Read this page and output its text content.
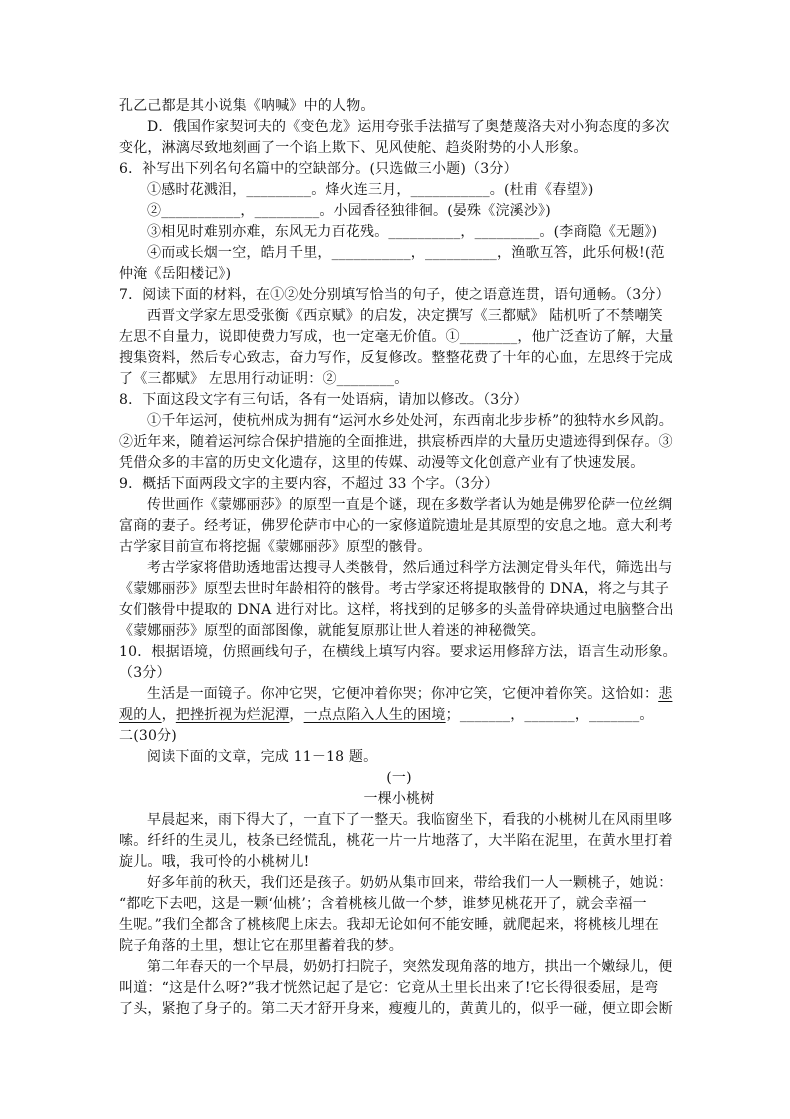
孔乙己都是其小说集《呐喊》中的人物。
D．俄国作家契诃夫的《变色龙》运用夸张手法描写了奥楚蔑洛夫对小狗态度的多次
变化，淋漓尽致地刻画了一个谄上欺下、见风使舵、趋炎附势的小人形象。
6．补写出下列名句名篇中的空缺部分。(只选做三小题)（3分）
①感时花溅泪，_________。烽火连三月，___________。(杜甫《春望》)
②___________，_________。小园香径独徘徊。(晏殊《浣溪沙》)
③相见时难别亦难，东风无力百花残。__________，_________。(李商隐《无题》)
④而或长烟一空，皓月千里，___________，__________，渔歌互答，此乐何极!(范
仲淹《岳阳楼记》)
7．阅读下面的材料，在①②处分别填写恰当的句子，使之语意连贯，语句通畅。（3分）
西晋文学家左思受张衡《西京赋》的启发，决定撰写《三都赋》 陆机听了不禁嘲笑
左思不自量力，说即使费力写成，也一定毫无价值。①________，他广泛查访了解，大量
搜集资料，然后专心致志，奋力写作，反复修改。整整花费了十年的心血，左思终于完成
了《三都赋》 左思用行动证明：②________。
8．下面这段文字有三句话，各有一处语病，请加以修改。（3分）
①千年运河，使杭州成为拥有“运河水乡处处河，东西南北步步桥”的独特水乡风韵。
②近年来，随着运河综合保护措施的全面推进，拱宸桥西岸的大量历史遗迹得到保存。③
凭借众多的丰富的历史文化遗存，这里的传媒、动漫等文化创意产业有了快速发展。
9．概括下面两段文字的主要内容，不超过 33 个字。（3分）
传世画作《蒙娜丽莎》的原型一直是个谜，现在多数学者认为她是佛罗伦萨一位丝绸
富商的妻子。经考证，佛罗伦萨市中心的一家修道院遗址是其原型的安息之地。意大利考
古学家目前宣布将挖掘《蒙娜丽莎》原型的骸骨。
考古学家将借助透地雷达搜寻人类骸骨，然后通过科学方法测定骨头年代，筛选出与
《蒙娜丽莎》原型去世时年龄相符的骸骨。考古学家还将提取骸骨的 DNA，将之与其子
女们骸骨中提取的 DNA 进行对比。这样，将找到的足够多的头盖骨碎块通过电脑整合出
《蒙娜丽莎》原型的面部图像，就能复原那让世人着迷的神秘微笑。
10．根据语境，仿照画线句子，在横线上填写内容。要求运用修辞方法，语言生动形象。
（3分）
生活是一面镜子。你冲它哭，它便冲着你哭；你冲它笑，它便冲着你笑。这恰如：悲
观的人，把挫折视为烂泥潭，一点点陷入人生的困境；_______，_______，_______。
二(30分)
阅读下面的文章，完成 11－18 题。
(一)
一棵小桃树
早晨起来，雨下得大了，一直下了一整天。我临窗坐下，看我的小桃树儿在风雨里哆
嗦。纤纤的生灵儿，枝条已经慌乱，桃花一片一片地落了，大半陷在泥里，在黄水里打着
旋儿。哦，我可怜的小桃树儿!
好多年前的秋天，我们还是孩子。奶奶从集市回来，带给我们一人一颗桃子，她说：
“都吃下去吧，这是一颗‘仙桃’；含着桃核儿做一个梦，谁梦见桃花开了，就会幸福一
生呢。”我们全都含了桃核爬上床去。我却无论如何不能安睡，就爬起来，将桃核儿埋在
院子角落的土里，想让它在那里蓄着我的梦。
第二年春天的一个早晨，奶奶打扫院子，突然发现角落的地方，拱出一个嫩绿儿，便
叫道：“这是什么呀?”我才恍然记起了是它：它竟从土里长出来了!它长得很委屈，是弯
了头，紧抱了身子的。第二天才舒开身来，瘦瘦儿的，黄黄儿的，似乎一碰，便立即会断
